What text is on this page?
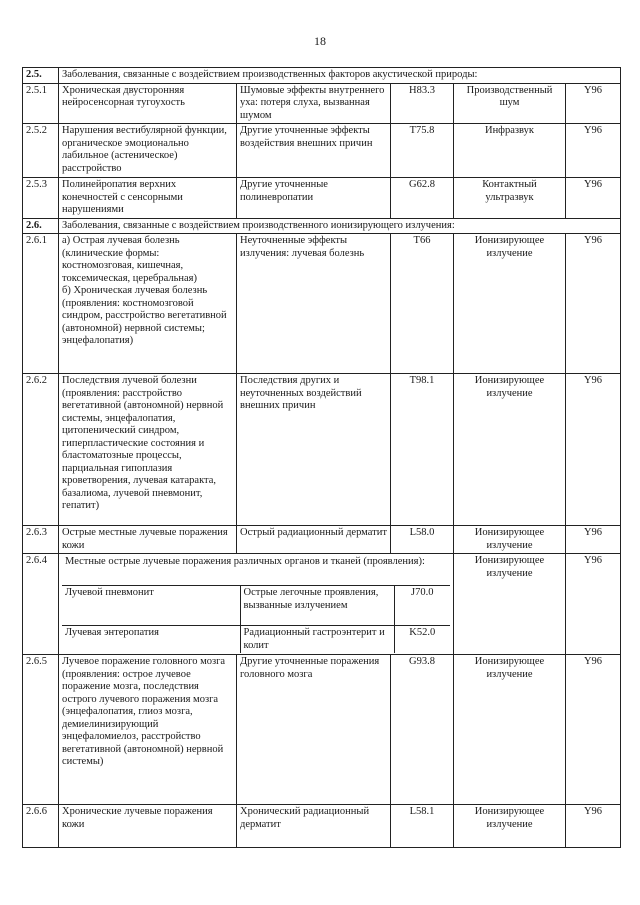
18
2.5.	Заболевания, связанные с воздействием производственных факторов акустической природы:
2.5.1	Хроническая двусторонняя нейросенсорная тугоухость	Шумовые эффекты внутреннего уха: потеря слуха, вызванная шумом	H83.3	Производственный шум	Y96
2.5.2	Нарушения вестибулярной функции, органическое эмоционально лабильное (астеническое) расстройство	Другие уточненные эффекты воздействия внешних причин	T75.8	Инфразвук	Y96
2.5.3	Полинейропатия верхних конечностей с сенсорными нарушениями	Другие уточненные полиневропатии	G62.8	Контактный ультразвук	Y96
2.6.	Заболевания, связанные с воздействием производственного ионизирующего излучения:
2.6.1	а) Острая лучевая болезнь (клинические формы: костномозговая, кишечная, токсемическая, церебральная)
б) Хроническая лучевая болезнь (проявления: костномозговой синдром, расстройство вегетативной (автономной) нервной системы; энцефалопатия)	Неуточненные эффекты излучения: лучевая болезнь	T66	Ионизирующее излучение	Y96
2.6.2	Последствия лучевой болезни (проявления: расстройство вегетативной (автономной) нервной системы, энцефалопатия, цитопенический синдром, гиперпластические состояния и бластоматозные процессы, парциальная гипоплазия кроветворения, лучевая катаракта, базалиома, лучевой пневмонит, гепатит)	Последствия других и неуточненных воздействий внешних причин	T98.1	Ионизирующее излучение	Y96
2.6.3	Острые местные лучевые поражения кожи	Острый радиационный дерматит	L58.0	Ионизирующее излучение	Y96
2.6.4	Местные острые лучевые поражения различных органов и тканей (проявления):
Лучевой пневмонит	Острые легочные проявления, вызванные излучением	J70.0
Лучевая энтеропатия	Радиационный гастроэнтерит и колит	K52.0
	Ионизирующее излучение	Y96
2.6.5	Лучевое поражение головного мозга (проявления: острое лучевое поражение мозга, последствия острого лучевого поражения мозга (энцефалопатия, глиоз мозга, демиелинизирующий энцефаломиелоз, расстройство вегетативной (автономной) нервной системы)	Другие уточненные поражения головного мозга	G93.8	Ионизирующее излучение	Y96
2.6.6	Хронические лучевые поражения кожи	Хронический радиационный дерматит	L58.1	Ионизирующее излучение	Y96
